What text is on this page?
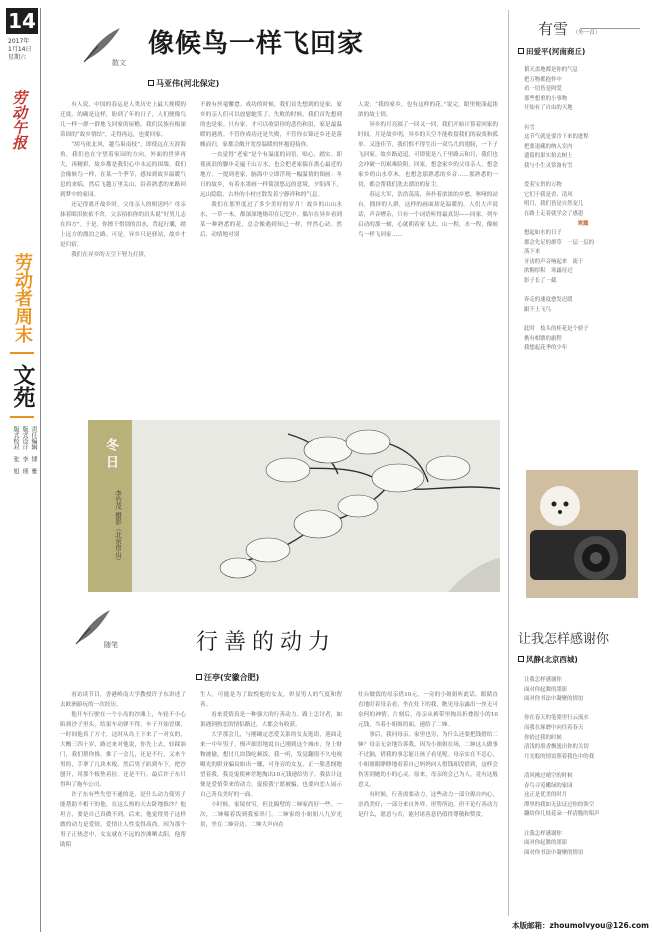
14
2017年
1月14日
星期六
劳动午报
劳动者周末
文苑
责任编辑　博　雅
版式设计　李　瑶
版式校对　张　旭
散文
像候鸟一样飞回家
马亚伟(河北保定)

有人说，中国的春运是人类历史上最大规模的迁徙。的确是这样，盼到了年的日子，人们便像鸟儿一样一群一群地飞回家的屋檐。我们民族有根深蒂固的“故乡情结”，走得再远，也要回家。

“胡马依北风，越鸟巢南枝”，即使远在天涯海角，我们也在守望着家园的方向。外面的世界再大，再精彩，故乡都是我们心中永远的围墙。我们会像候鸟一样，在某一个季节，感知到故乡温暖气息的来临，然后飞越万里关山，沿着熟悉的来路回到梦中的家园。

还记得离开故乡时，父母亲人的相送吗？母亲抹着眼泪依依不舍，父亲拍拍你的肩头说“好男儿志在四方”。于是，你擦干惜别的泪水，背起行囊，踏上远方的漂泊之路。可是，异乡只是驿站，故乡才是归宿。

我们在异乡的天空下努力打拼，

不敢有丝毫懈怠。成功的时候，我们首先想到的是家，家乡的亲人们可以放慰她笑了。失败的时候，我们首先想到的也是家。只有家，才可以收留你的悲伤和泪，家是最温暖的港湾。不管你成功还是失败，不管你衣锦还乡还是落魄而归，家都会敞开宽厚温暖的怀抱迎接你。

一直觉得“老家”是个有温度的词语，贴心，踏实。即使流浪的脚步走遍千山万水，也会把老家揣在离心最近的地方。一提到老家，脑海中立即浮现一幅温情的图画：冬日的故乡，有着水墨画一样简淡悠远的意境，夕阳西下，远山隐隐，古朴的小村庄散发着宁静祥和的气息。

我们在那里度过了多少美好的岁月！故乡的山山水水，一草一木，都深深地烙印在记忆中。偶尔在异乡看到某一种熟悉的花，总会像遇到知己一样，怦然心动。然后，动情地对别

人说：“我的家乡，也有这样的花。”说完，眼里便漾起浓浓的故土情。

异乡的月亮圆了一回又一回，我们开始计算着回家的时间。月是故乡明，异乡的天空不能收留我们的寂寞和孤单。又逢佳节，我们恨不得生出一双鸟儿的翅膀，一下子飞回家。故乡路迢迢，可即使是八千里路云和月，我们也会冲破一切艰难险阻，回家。想念家乡的父母亲人，想念家乡的山水草木，也想念那熟悉的乡音……那熟悉的一切，都会帮我们洗去漂泊的征尘。

春运大军，浩浩荡荡，奔扑着浓浓的乡愁，呕哑的站台，拥挤的人群，这样的画面却是温暖的，人们大声说话，声音嘈杂，只有一个词语听得最真切——回家。列车启动的那一刻，心就朝着家飞去。山一程，水一程，像候鸟一样飞回家……

冬日
李竹茂 摄影（北京房山）
随笔	行善的动力
汪亭(安徽合肥)

看访谈节目，香港岭南大学教授许子东讲述了去欧洲游玩的一次经历。

他开车行驶在一个小岛的沙滩上，车轮不小心陷到沙子里头，结果车动弹不得。车子开始冒烟，一时间他真了方寸，这时从岛上下来了一对女的，大概三四十岁，路过来对他说，你先上去，轻踩油门，我们帮你推，推了一会儿，还是不行，又来个男的，手拿了几块木板，然后男子趴到车下，把沙刨开，用那个板垫着拉。还是不行，最后许子东只得叫了拖车公司。

许子东有些失望不通的是，是什么动力使男子能帮助不相干的他，在这么热的天去卧地推沙？他坦言，要是自己真做不到。后来，他觉得男子这样做的动力是爱情，爱情让人性变得高尚。因为那个男子正热恋中，女友就在不远的沙滩晒太阳，他帮助陌

生人，可能是为了取悦他的女友，彰显男人的气度和智善。

看来爱情真是一种强大的行善动力。路上怎讨者，如果遇到热恋的情侣路过，大都会有收获。

大学那会儿，与刚确定恋爱关系的女友逛街，迎面走来一中年男子，慢声细语地说自己刚到这个城市，身上财物被偷，想讨几块钱吃顿饭。我一听，发觉翻很不久电视曝光的职业骗局如出一辙，可身旁的女友，正一脸悲悯地望着我。我竟鬼使神差地掏出10元钱递给男子。我估计这便是爱情带来的动力，促使我宁愿被骗，也要向恋人展示自己善良美好的一面。

小时候，家境贫穷，但比隔壁的二婶家尚好一些。一次，二婶喘着饭到我家串门，二婶家的小姐姐八九岁光景，坐在二婶旁边。二婶大声向在

灶台做饭的母亲借10元，一旁的小姐姐听此话，眼睛直直地盯着母亲看。坐在灶下的我，瞧见母亲露出一丝无可奈何的神情。片刻后，母亲从裤带里掏出折叠很小的10元钱，当着小姐姐的面，递给了二婶。

事后，我问母亲，家里也穷，为什么还要把钱借给二婶？母亲无奈地告诉我，因为小姐姐在场，二婶这人做事不过脑，借我的事怎能让孩子看见呢。母亲实在不忍心，小姐姐眼睁睁地看着自己妈妈向人借钱却没借到，这样会伤害到她幼小的心灵。原来，母亲的会己为人，竟有这般意义。

有时候，行善需要动力，这些动力一部分源自内心，崇尚美好；一部分来自外界，形势所迫。但不论行善动力是什么，愿意与否，能付诸善意仍值得尊敬和赞赏。

有雪 （外一首）
田爱平(河南商丘)
韬天盖地都是你的气息
把万物都抱怀中
看一切皆是阿爱
那些想重的小事物
开始有了自由的天地
有雪
这节气就是要冷下来的进程
把要退藏的纳入室内
遗留的果实抬去树上
我与小生灵常备有雪
爱着宝贵的万物
它们于我是香、清风
明月，我们皆是自然宠儿
在路上走着就学会了感恩
寒露
想起如水的日子
都会先足的群草　一层一层的
落下来
牙齿的声音响起来　流于
浓稠厚积　寒露待过
影子长了一截
奔走的速度愈发迟缓
跟不上飞鸟
此时　枝头的桂花是个骄子
携有相馈的旅程
我想起花季的少年
让我怎样感谢你
风静(北京西城)
让我怎样感谢你
面对你起舞的墨影
面对你书法中凝聚的情谊
你在春天的笔墨里行云流水
而我在琢磨中向往着春天
你拾过我的时候
清浅的墨香飘逸出你的关切
月光般的情谊照着我色中的我
清风拂过晴空的时候
春鸟寻觅嫩绿的家园
这正是优美的时月
潭里的我如无法证过你的领空
翻给你几枝花朵一样清脆的唱声
让我怎样感谢你
面对你起舞的墨影
面对你书法中凝聚的情谊
本版邮箱：zhoumolvyou@126.com
